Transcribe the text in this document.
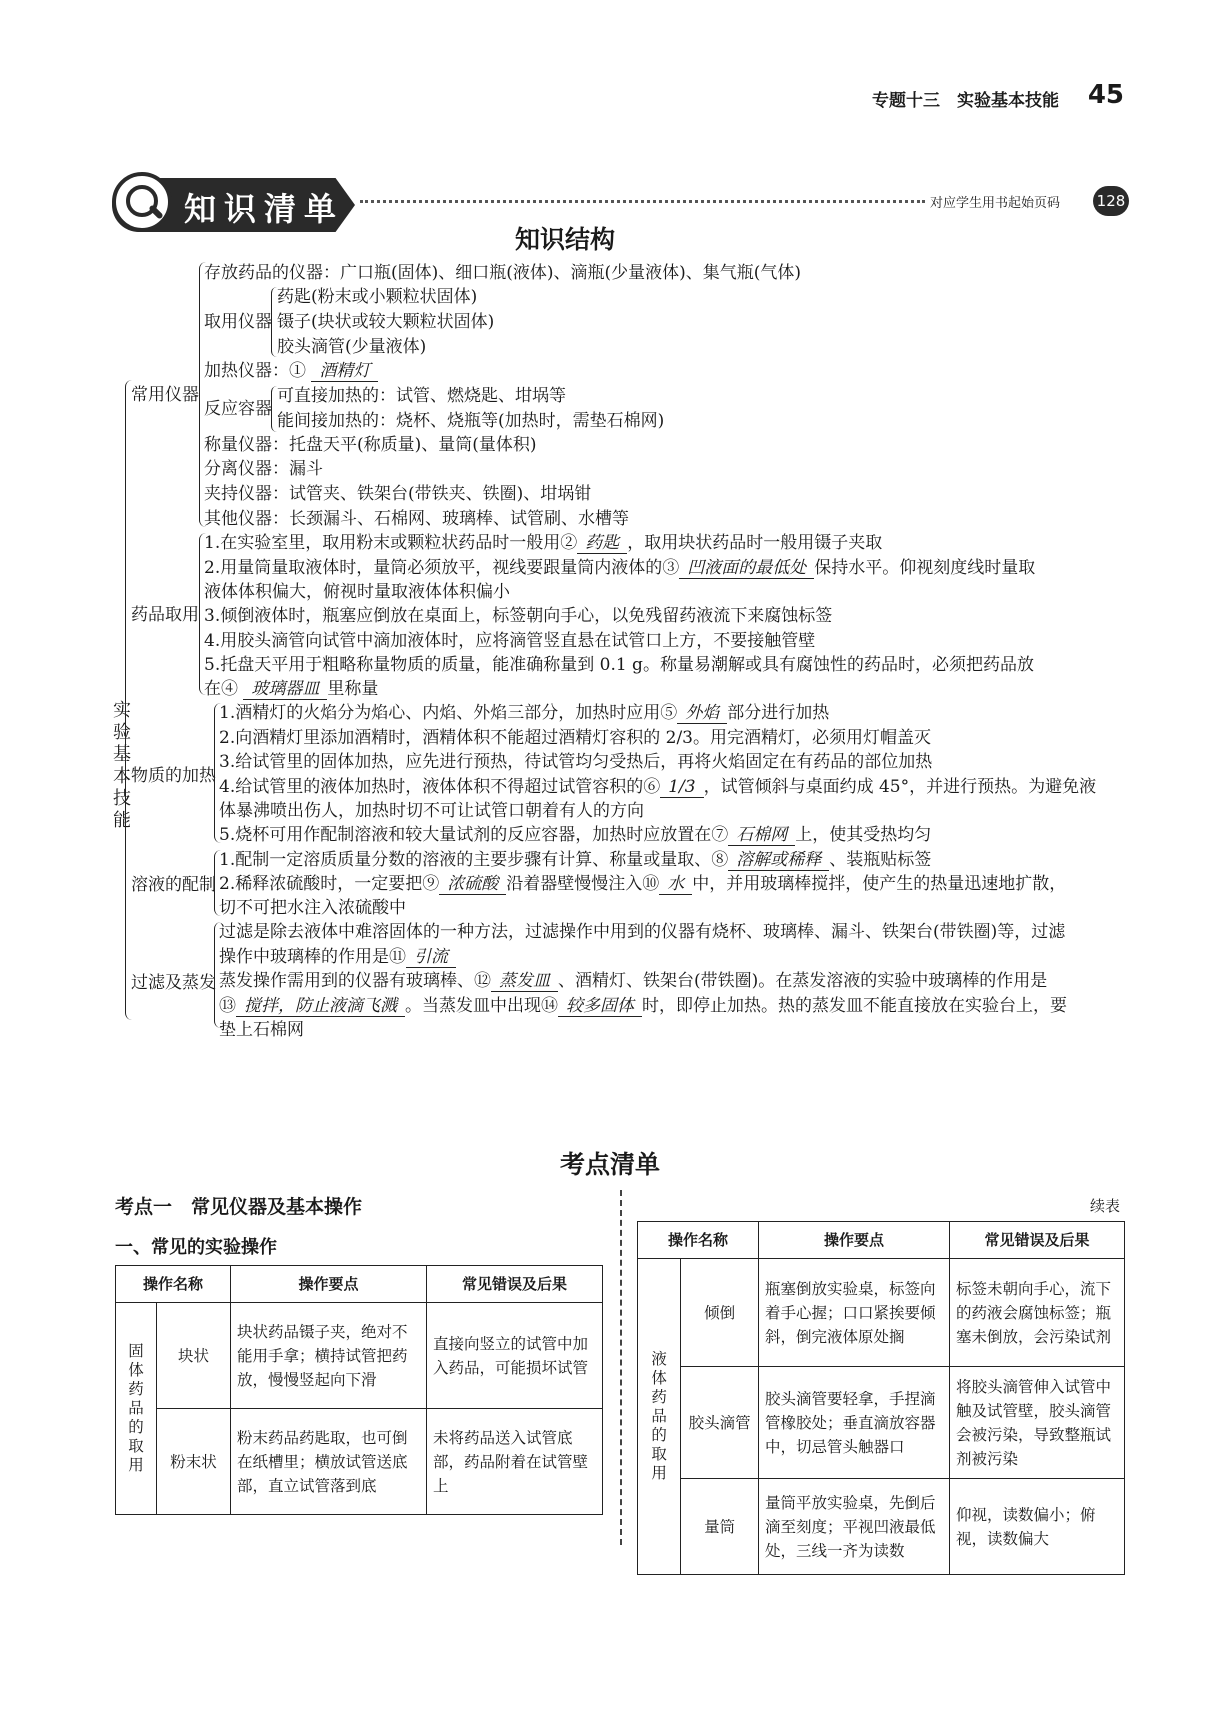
专题十三　实验基本技能 45
知识清单	对应学生用书起始页码 128
知识结构
实验基本技能
常用仪器
药品取用
物质的加热
溶液的配制
过滤及蒸发
存放药品的仪器：广口瓶(固体)、细口瓶(液体)、滴瓶(少量液体)、集气瓶(气体)
取用仪器
药匙(粉末或小颗粒状固体)
镊子(块状或较大颗粒状固体)
胶头滴管(少量液体)
加热仪器：① 酒精灯
反应容器
可直接加热的：试管、燃烧匙、坩埚等
能间接加热的：烧杯、烧瓶等(加热时，需垫石棉网)
称量仪器：托盘天平(称质量)、量筒(量体积)
分离仪器：漏斗
夹持仪器：试管夹、铁架台(带铁夹、铁圈)、坩埚钳
其他仪器：长颈漏斗、石棉网、玻璃棒、试管刷、水槽等
1.在实验室里，取用粉末或颗粒状药品时一般用② 药匙 ，取用块状药品时一般用镊子夹取
2.用量筒量取液体时，量筒必须放平，视线要跟量筒内液体的③ 凹液面的最低处 保持水平。仰视刻度线时量取
液体体积偏大，俯视时量取液体体积偏小
3.倾倒液体时，瓶塞应倒放在桌面上，标签朝向手心，以免残留药液流下来腐蚀标签
4.用胶头滴管向试管中滴加液体时，应将滴管竖直悬在试管口上方，不要接触管壁
5.托盘天平用于粗略称量物质的质量，能准确称量到 0.1 g。称量易潮解或具有腐蚀性的药品时，必须把药品放
在④ 玻璃器皿 里称量
1.酒精灯的火焰分为焰心、内焰、外焰三部分，加热时应用⑤ 外焰 部分进行加热
2.向酒精灯里添加酒精时，酒精体积不能超过酒精灯容积的 2/3。用完酒精灯，必须用灯帽盖灭
3.给试管里的固体加热，应先进行预热，待试管均匀受热后，再将火焰固定在有药品的部位加热
4.给试管里的液体加热时，液体体积不得超过试管容积的⑥ 1/3 ，试管倾斜与桌面约成 45°，并进行预热。为避免液
体暴沸喷出伤人，加热时切不可让试管口朝着有人的方向
5.烧杯可用作配制溶液和较大量试剂的反应容器，加热时应放置在⑦ 石棉网 上，使其受热均匀
1.配制一定溶质质量分数的溶液的主要步骤有计算、称量或量取、⑧ 溶解或稀释 、装瓶贴标签
2.稀释浓硫酸时，一定要把⑨ 浓硫酸 沿着器壁慢慢注入⑩ 水 中，并用玻璃棒搅拌，使产生的热量迅速地扩散，
切不可把水注入浓硫酸中
过滤是除去液体中难溶固体的一种方法，过滤操作中用到的仪器有烧杯、玻璃棒、漏斗、铁架台(带铁圈)等，过滤
操作中玻璃棒的作用是⑪ 引流
蒸发操作需用到的仪器有玻璃棒、⑫ 蒸发皿 、酒精灯、铁架台(带铁圈)。在蒸发溶液的实验中玻璃棒的作用是
⑬ 搅拌，防止液滴飞溅 。当蒸发皿中出现⑭ 较多固体 时，即停止加热。热的蒸发皿不能直接放在实验台上，要
垫上石棉网
考点清单
考点一　常见仪器及基本操作
一、常见的实验操作
续表
操作名称		操作要点	常见错误及后果
固体药品的取用	块状	块状药品镊子夹，绝对不能用手拿；横持试管把药放，慢慢竖起向下滑	直接向竖立的试管中加入药品，可能损坏试管
	粉末状	粉末药品药匙取，也可倒在纸槽里；横放试管送底部，直立试管落到底	未将药品送入试管底部，药品附着在试管壁上
操作名称		操作要点	常见错误及后果
液体药品的取用	倾倒	瓶塞倒放实验桌，标签向着手心握；口口紧挨要倾斜，倒完液体原处搁	标签未朝向手心，流下的药液会腐蚀标签；瓶塞未倒放，会污染试剂
	胶头滴管	胶头滴管要轻拿，手捏滴管橡胶处；垂直滴放容器中，切忌管头触器口	将胶头滴管伸入试管中触及试管壁，胶头滴管会被污染，导致整瓶试剂被污染
	量筒	量筒平放实验桌，先倒后滴至刻度；平视凹液最低处，三线一齐为读数	仰视，读数偏小；俯视，读数偏大
